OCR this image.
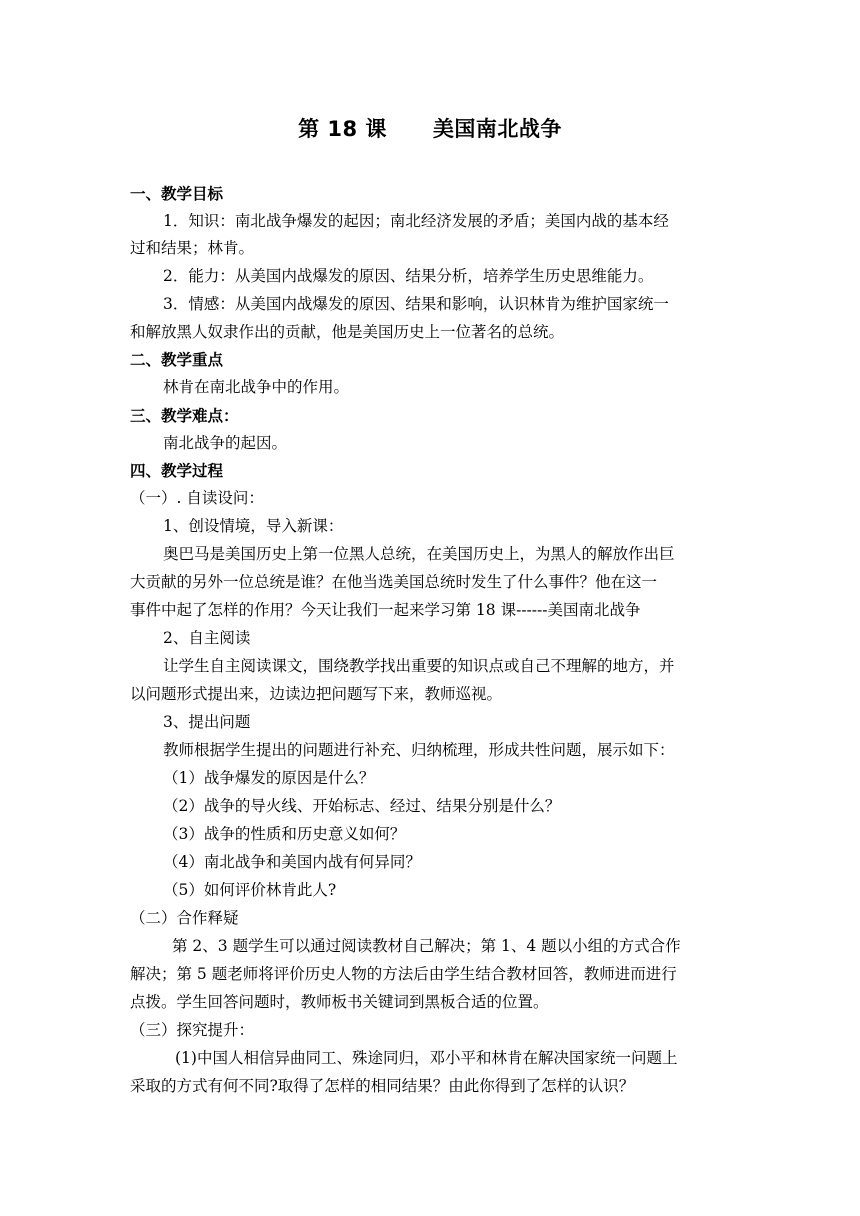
第 18 课 美国南北战争
一、教学目标
1．知识：南北战争爆发的起因；南北经济发展的矛盾；美国内战的基本经
过和结果；林肯。
2．能力：从美国内战爆发的原因、结果分析，培养学生历史思维能力。
3．情感：从美国内战爆发的原因、结果和影响，认识林肯为维护国家统一
和解放黑人奴隶作出的贡献，他是美国历史上一位著名的总统。
二、教学重点
林肯在南北战争中的作用。
三、教学难点：
南北战争的起因。
四、教学过程
（一）. 自读设问：
1、创设情境，导入新课：
奥巴马是美国历史上第一位黑人总统，在美国历史上，为黑人的解放作出巨
大贡献的另外一位总统是谁？在他当选美国总统时发生了什么事件？他在这一
事件中起了怎样的作用？今天让我们一起来学习第 18 课------美国南北战争
2、自主阅读
让学生自主阅读课文，围绕教学找出重要的知识点或自己不理解的地方，并
以问题形式提出来，边读边把问题写下来，教师巡视。
3、提出问题
教师根据学生提出的问题进行补充、归纳梳理，形成共性问题，展示如下：
（1）战争爆发的原因是什么？
（2）战争的导火线、开始标志、经过、结果分别是什么？
（3）战争的性质和历史意义如何？
（4）南北战争和美国内战有何异同？
（5）如何评价林肯此人?
（二）合作释疑
第 2、3 题学生可以通过阅读教材自己解决；第 1、4 题以小组的方式合作
解决；第 5 题老师将评价历史人物的方法后由学生结合教材回答，教师进而进行
点拨。学生回答问题时，教师板书关键词到黑板合适的位置。
（三）探究提升：
(1)中国人相信异曲同工、殊途同归，邓小平和林肯在解决国家统一问题上
采取的方式有何不同?取得了怎样的相同结果？由此你得到了怎样的认识？
